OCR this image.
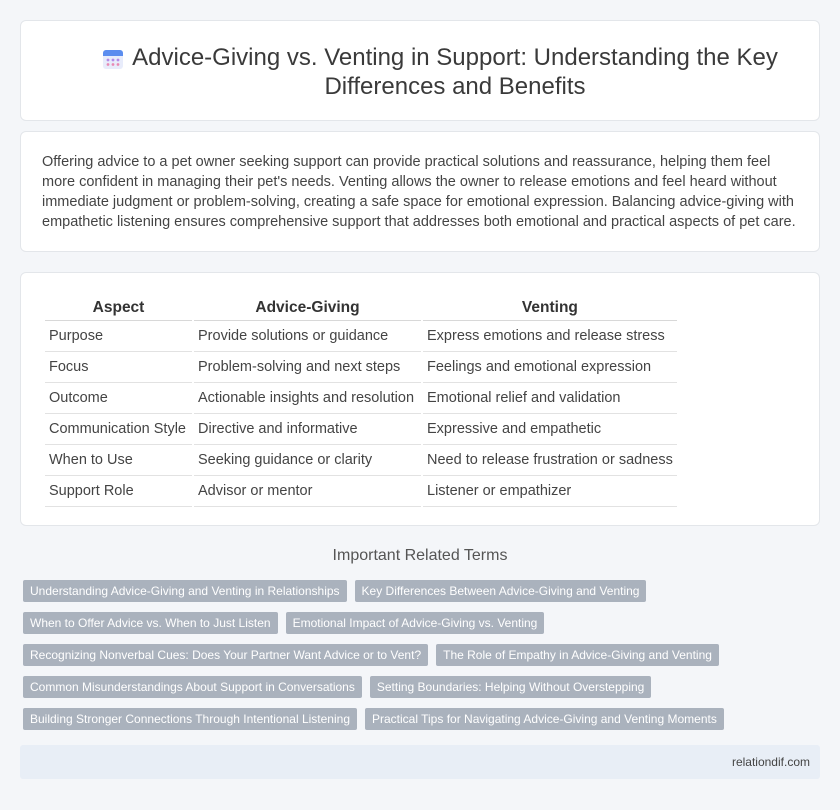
Advice-Giving vs. Venting in Support: Understanding the Key Differences and Benefits

Offering advice to a pet owner seeking support can provide practical solutions and reassurance, helping them feel more confident in managing their pet's needs. Venting allows the owner to release emotions and feel heard without immediate judgment or problem-solving, creating a safe space for emotional expression. Balancing advice-giving with empathetic listening ensures comprehensive support that addresses both emotional and practical aspects of pet care.

Aspect	Advice-Giving	Venting
Purpose	Provide solutions or guidance	Express emotions and release stress
Focus	Problem-solving and next steps	Feelings and emotional expression
Outcome	Actionable insights and resolution	Emotional relief and validation
Communication Style	Directive and informative	Expressive and empathetic
When to Use	Seeking guidance or clarity	Need to release frustration or sadness
Support Role	Advisor or mentor	Listener or empathizer
Important Related Terms
Understanding Advice-Giving and Venting in Relationships	Key Differences Between Advice-Giving and Venting
When to Offer Advice vs. When to Just Listen	Emotional Impact of Advice-Giving vs. Venting
Recognizing Nonverbal Cues: Does Your Partner Want Advice or to Vent?	The Role of Empathy in Advice-Giving and Venting
Common Misunderstandings About Support in Conversations	Setting Boundaries: Helping Without Overstepping
Building Stronger Connections Through Intentional Listening	Practical Tips for Navigating Advice-Giving and Venting Moments
relationdif.com
